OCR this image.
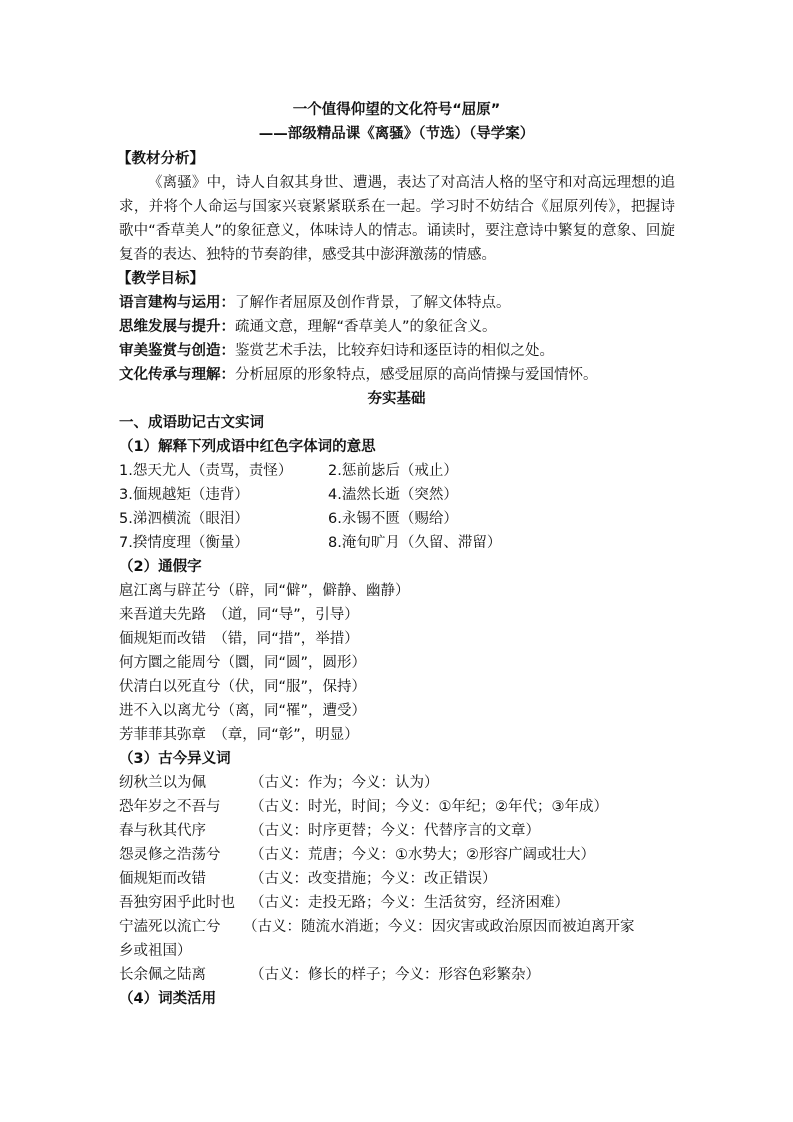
一个值得仰望的文化符号“屈原”
——部级精品课《离骚》（节选）（导学案）
【教材分析】
《离骚》中，诗人自叙其身世、遭遇，表达了对高洁人格的坚守和对高远理想的追求，并将个人命运与国家兴衰紧紧联系在一起。学习时不妨结合《屈原列传》，把握诗歌中“香草美人”的象征意义，体味诗人的情志。诵读时，要注意诗中繁复的意象、回旋复沓的表达、独特的节奏韵律，感受其中澎湃激荡的情感。
【教学目标】
语言建构与运用：了解作者屈原及创作背景，了解文体特点。
思维发展与提升：疏通文意，理解“香草美人”的象征含义。
审美鉴赏与创造：鉴赏艺术手法，比较弃妇诗和逐臣诗的相似之处。
文化传承与理解：分析屈原的形象特点，感受屈原的高尚情操与爱国情怀。
夯实基础
一、成语助记古文实词
（1）解释下列成语中红色字体词的意思
1.怨天尤人（责骂，责怪） 2.惩前毖后（戒止）
3.偭规越矩（违背）	4.溘然长逝（突然）
5.涕泗横流（眼泪）	6.永锡不匮（赐给）
7.揆情度理（衡量）	8.淹旬旷月（久留、滞留）
（2）通假字
扈江离与辟芷兮（辟，同“僻”，僻静、幽静）
来吾道夫先路　（道，同“导”，引导）
偭规矩而改错　（错，同“措”，举措）
何方圜之能周兮（圜，同“圆”，圆形）
伏清白以死直兮（伏，同“服”，保持）
进不入以离尤兮（离，同“罹”，遭受）
芳菲菲其弥章　（章，同“彰”，明显）
（3）古今异义词
纫秋兰以为佩	（古义：作为；今义：认为）
恐年岁之不吾与 （古义：时光，时间；今义：①年纪；②年代；③年成）
春与秋其代序	（古义：时序更替；今义：代替序言的文章）
怨灵修之浩荡兮 （古义：荒唐；今义：①水势大；②形容广阔或壮大）
偭规矩而改错	（古义：改变措施；今义：改正错误）
吾独穷困乎此时也 （古义：走投无路；今义：生活贫穷，经济困难）
宁溘死以流亡兮 （古义：随流水消逝；今义：因灾害或政治原因而被迫离开家
乡或祖国）
长余佩之陆离	（古义：修长的样子；今义：形容色彩繁杂）
（4）词类活用
